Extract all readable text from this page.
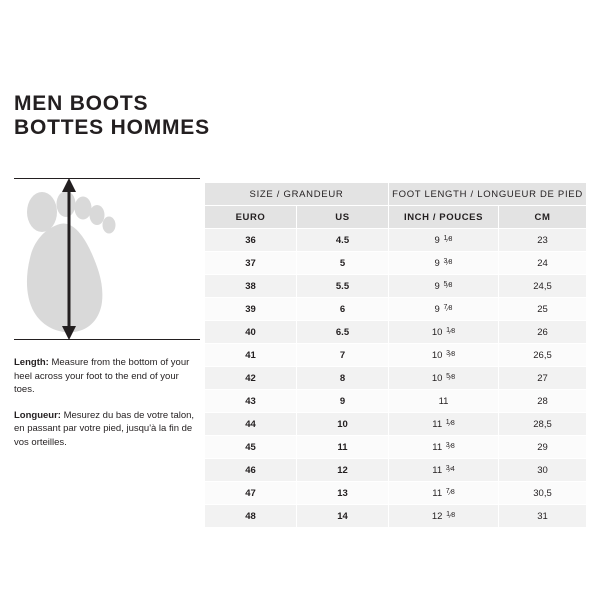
MEN BOOTS
BOTTES HOMMES

Length: Measure from the bottom of your heel across your foot to the end of your toes.

Longueur: Mesurez du bas de votre talon, en passant par votre pied, jusqu'à la fin de vos orteilles.

SIZE / GRANDEUR		FOOT LENGTH / LONGUEUR DE PIED	
EURO	US	INCH / POUCES	CM
36	4.5	9 $^1⁄_8$	23
37	5	9 $^3⁄_8$	24
38	5.5	9 $^5⁄_8$	24,5
39	6	9 $^7⁄_8$	25
40	6.5	10 $^1⁄_8$	26
41	7	10 $^3⁄_8$	26,5
42	8	10 $^5⁄_8$	27
43	9	11	28
44	10	11 $^1⁄_8$	28,5
45	11	11 $^3⁄_8$	29
46	12	11 $^3⁄_4$	30
47	13	11 $^7⁄_8$	30,5
48	14	12 $^1⁄_8$	31
